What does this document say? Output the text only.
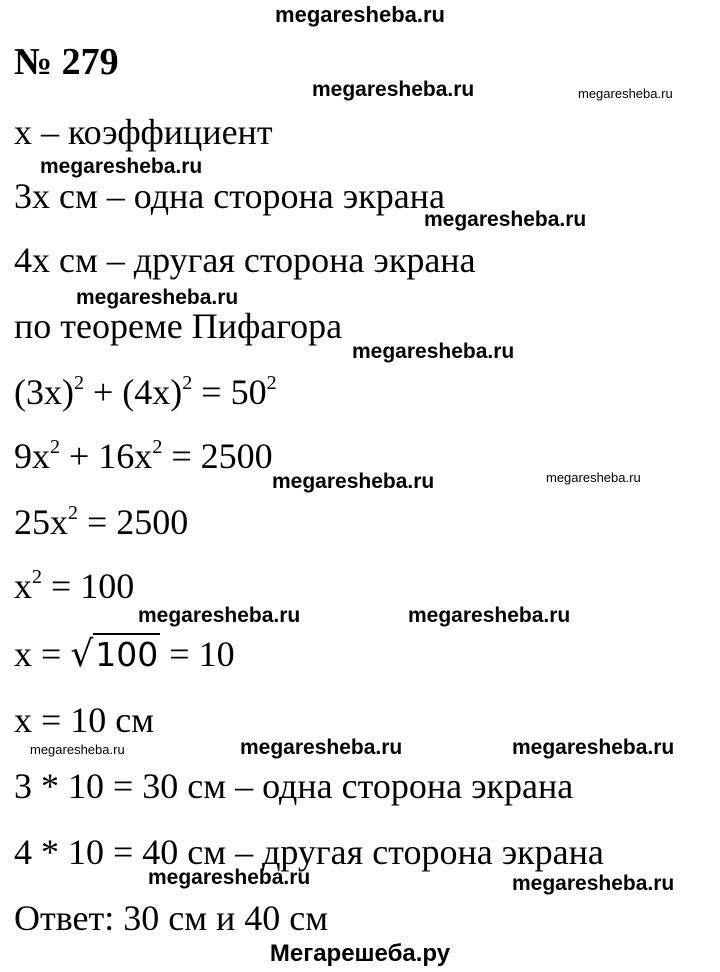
megaresheba.ru
megaresheba.ru	megaresheba.ru
megaresheba.ru
megaresheba.ru
megaresheba.ru
megaresheba.ru
megaresheba.ru
megaresheba.ru
megaresheba.ru	megaresheba.ru
megaresheba.ru	megaresheba.ru	megaresheba.ru
megaresheba.ru	megaresheba.ru
Мегарешеба.ру
№ 279
x – коэффициент
3x см – одна сторона экрана
4x см – другая сторона экрана
по теореме Пифагора
$(3x)^2 + (4x)^2 = 50^2$
$9x^2 + 16x^2 = 2500$
$25x^2 = 2500$
$x^2 = 100$
x = √100 = 10
x = 10 см
3 * 10 = 30 см – одна сторона экрана
4 * 10 = 40 см – другая сторона экрана
Ответ: 30 см и 40 см
